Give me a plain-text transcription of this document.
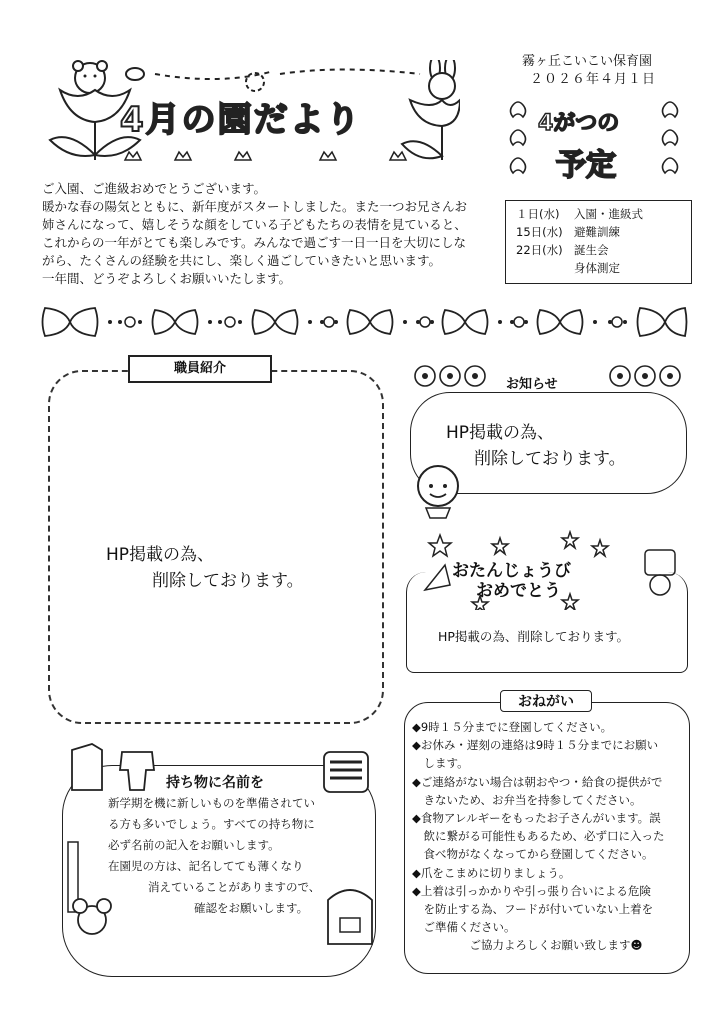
4月の園だより
霧ヶ丘こいこい保育園
２０２６年４月１日
4がつの
予定
１日(水) 入園・進級式
15日(水) 避難訓練
22日(水) 誕生会
身体測定
ご入園、ご進級おめでとうございます。
暖かな春の陽気とともに、新年度がスタートしました。また一つお兄さんお
姉さんになって、嬉しそうな顔をしている子どもたちの表情を見ていると、
これからの一年がとても楽しみです。みんなで過ごす一日一日を大切にしな
がら、たくさんの経験を共にし、楽しく過ごしていきたいと思います。
一年間、どうぞよろしくお願いいたします。
職員紹介
HP掲載の為、
削除しております。
お知らせ
HP掲載の為、
削除しております。
おたんじょうび
おめでとう
HP掲載の為、削除しております。
持ち物に名前を
新学期を機に新しいものを準備されてい
る方も多いでしょう。すべての持ち物に
必ず名前の記入をお願いします。
在園児の方は、記名してても薄くなり
消えていることがありますので、
確認をお願いします。
おねがい
◆9時１５分までに登園してください。
◆お休み・遅刻の連絡は9時１５分までにお願い
　します。
◆ご連絡がない場合は朝おやつ・給食の提供がで
　きないため、お弁当を持参してください。
◆食物アレルギーをもったお子さんがいます。誤
　飲に繋がる可能性もあるため、必ず口に入った
　食べ物がなくなってから登園してください。
◆爪をこまめに切りましょう。
◆上着は引っかかりや引っ張り合いによる危険
　を防止する為、フードが付いていない上着を
　ご準備ください。
　　　　　ご協力よろしくお願い致します☻
